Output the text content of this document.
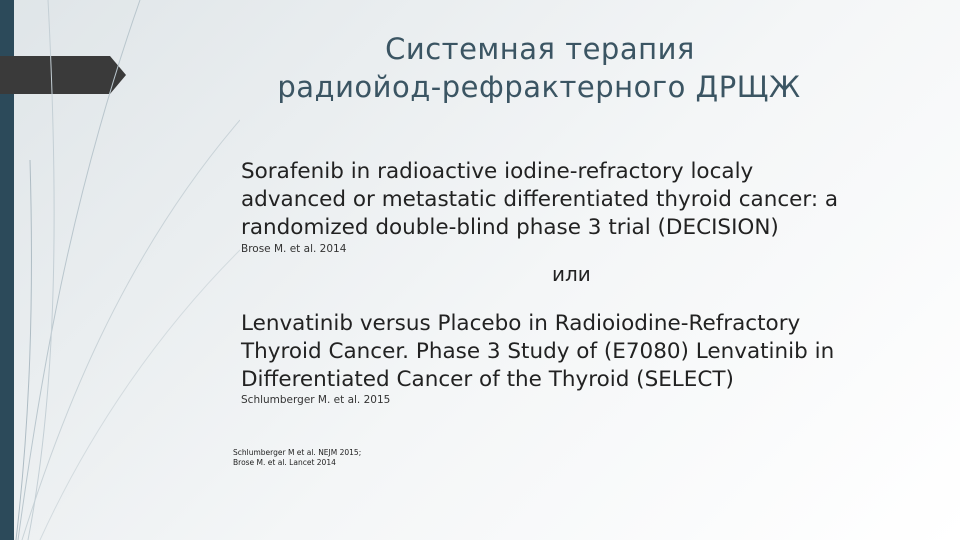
Системная терапия
радиойод-рефрактерного ДРЩЖ
Sorafenib in radioactive iodine-refractory localy
advanced or metastatic differentiated thyroid cancer: a
randomized double-blind phase 3 trial (DECISION)
Brose M. et al. 2014
или
Lenvatinib versus Placebo in Radioiodine-Refractory
Thyroid Cancer. Phase 3 Study of (E7080) Lenvatinib in
Differentiated Cancer of the Thyroid (SELECT)
Schlumberger M. et al. 2015
Schlumberger M et al. NEJM 2015;
Brose M. et al. Lancet 2014
